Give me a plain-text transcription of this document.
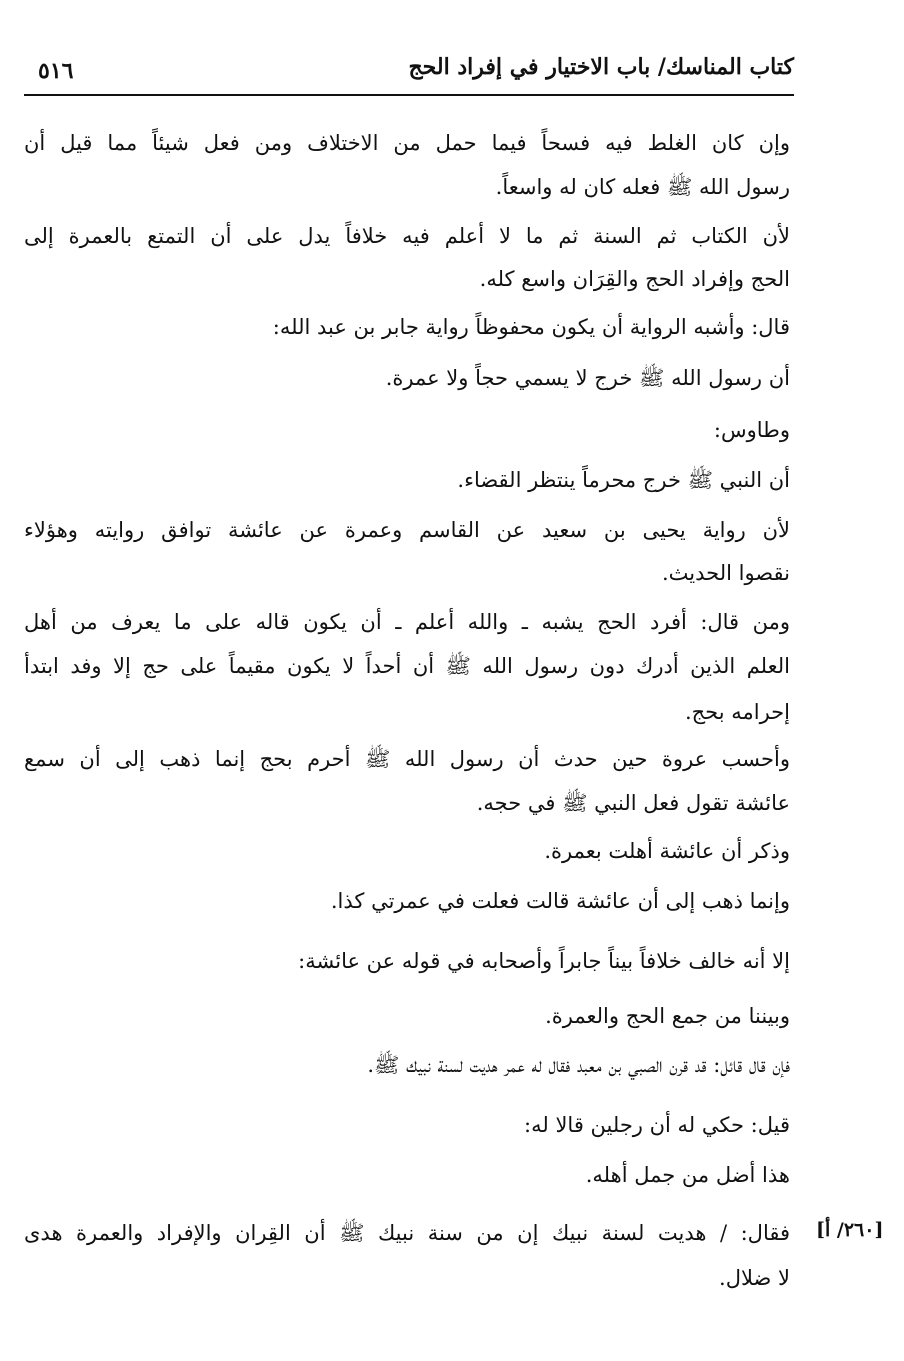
كتاب المناسك/ باب الاختيار في إفراد الحج
٥١٦
وإن كان الغلط فيه فسحاً فيما حمل من الاختلاف ومن فعل شيئاً مما قيل أن
رسول الله ﷺ فعله كان له واسعاً.
لأن الكتاب ثم السنة ثم ما لا أعلم فيه خلافاً يدل على أن التمتع بالعمرة إلى
الحج وإفراد الحج والقِرَان واسع كله.
قال: وأشبه الرواية أن يكون محفوظاً رواية جابر بن عبد الله:
أن رسول الله ﷺ خرج لا يسمي حجاً ولا عمرة.
وطاوس:
أن النبي ﷺ خرج محرماً ينتظر القضاء.
لأن رواية يحيى بن سعيد عن القاسم وعمرة عن عائشة توافق روايته وهؤلاء
نقصوا الحديث.
ومن قال: أفرد الحج يشبه ـ والله أعلم ـ أن يكون قاله على ما يعرف من أهل
العلم الذين أدرك دون رسول الله ﷺ أن أحداً لا يكون مقيماً على حج إلا وفد ابتدأ
إحرامه بحج.
وأحسب عروة حين حدث أن رسول الله ﷺ أحرم بحج إنما ذهب إلى أن سمع
عائشة تقول فعل النبي ﷺ في حجه.
وذكر أن عائشة أهلت بعمرة.
وإنما ذهب إلى أن عائشة قالت فعلت في عمرتي كذا.
إلا أنه خالف خلافاً بيناً جابراً وأصحابه في قوله عن عائشة:
وبيننا من جمع الحج والعمرة.
فإن قال قائل: قد قرن الصبي بن معبد فقال له عمر هديت لسنة نبيك ﷺ.
قيل: حكي له أن رجلين قالا له:
هذا أضل من جمل أهله.
فقال: / هديت لسنة نبيك إن من سنة نبيك ﷺ أن القِران والإفراد والعمرة هدى
لا ضلال.
[٢٦٠/ أ]
